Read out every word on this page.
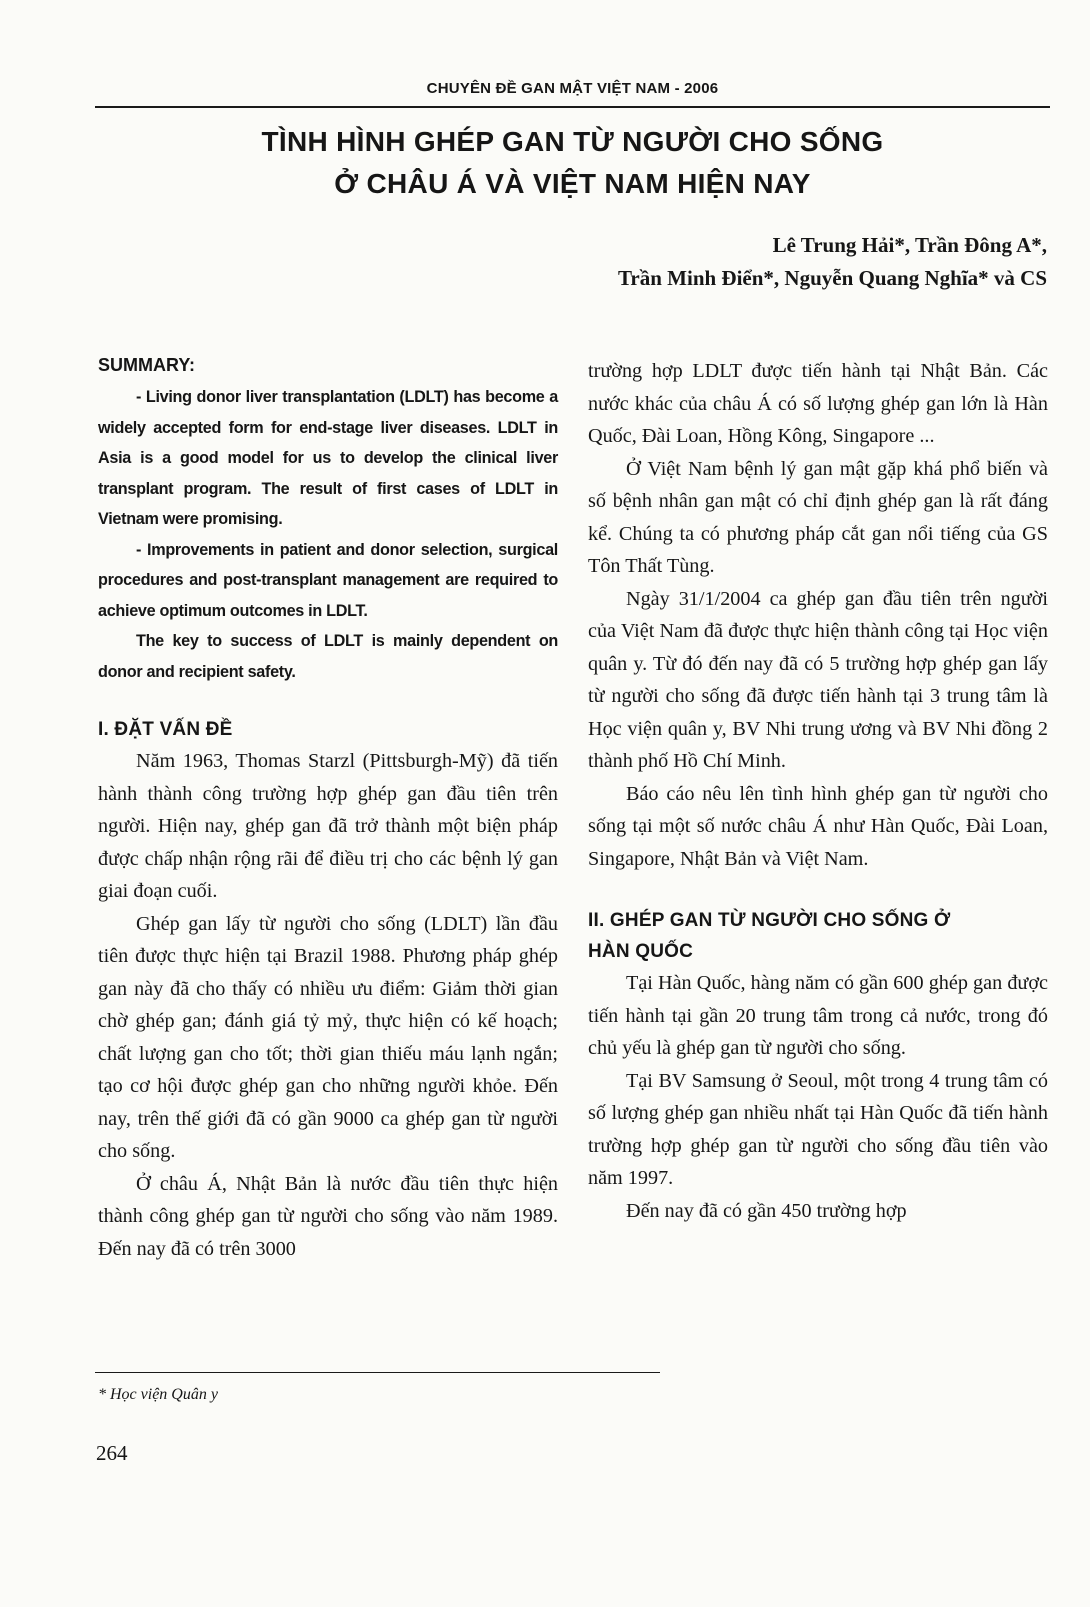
CHUYÊN ĐỀ GAN MẬT VIỆT NAM - 2006
TÌNH HÌNH GHÉP GAN TỪ NGƯỜI CHO SỐNG
Ở CHÂU Á VÀ VIỆT NAM HIỆN NAY
Lê Trung Hải*, Trần Đông A*,
Trần Minh Điển*, Nguyễn Quang Nghĩa* và CS

SUMMARY:

- Living donor liver transplantation (LDLT) has become a widely accepted form for end-stage liver diseases. LDLT in Asia is a good model for us to develop the clinical liver transplant program. The result of first cases of LDLT in Vietnam were promising.

- Improvements in patient and donor selection, surgical procedures and post-transplant management are required to achieve optimum outcomes in LDLT.

The key to success of LDLT is mainly dependent on donor and recipient safety.

I. ĐẶT VẤN ĐỀ

Năm 1963, Thomas Starzl (Pittsburgh-Mỹ) đã tiến hành thành công trường hợp ghép gan đầu tiên trên người. Hiện nay, ghép gan đã trở thành một biện pháp được chấp nhận rộng rãi để điều trị cho các bệnh lý gan giai đoạn cuối.

Ghép gan lấy từ người cho sống (LDLT) lần đầu tiên được thực hiện tại Brazil 1988. Phương pháp ghép gan này đã cho thấy có nhiều ưu điểm: Giảm thời gian chờ ghép gan; đánh giá tỷ mỷ, thực hiện có kế hoạch; chất lượng gan cho tốt; thời gian thiếu máu lạnh ngắn; tạo cơ hội được ghép gan cho những người khỏe. Đến nay, trên thế giới đã có gần 9000 ca ghép gan từ người cho sống.

Ở châu Á, Nhật Bản là nước đầu tiên thực hiện thành công ghép gan từ người cho sống vào năm 1989. Đến nay đã có trên 3000

trường hợp LDLT được tiến hành tại Nhật Bản. Các nước khác của châu Á có số lượng ghép gan lớn là Hàn Quốc, Đài Loan, Hồng Kông, Singapore ...

Ở Việt Nam bệnh lý gan mật gặp khá phổ biến và số bệnh nhân gan mật có chỉ định ghép gan là rất đáng kể. Chúng ta có phương pháp cắt gan nổi tiếng của GS Tôn Thất Tùng.

Ngày 31/1/2004 ca ghép gan đầu tiên trên người của Việt Nam đã được thực hiện thành công tại Học viện quân y. Từ đó đến nay đã có 5 trường hợp ghép gan lấy từ người cho sống đã được tiến hành tại 3 trung tâm là Học viện quân y, BV Nhi trung ương và BV Nhi đồng 2 thành phố Hồ Chí Minh.

Báo cáo nêu lên tình hình ghép gan từ người cho sống tại một số nước châu Á như Hàn Quốc, Đài Loan, Singapore, Nhật Bản và Việt Nam.

II. GHÉP GAN TỪ NGƯỜI CHO SỐNG Ở

HÀN QUỐC

Tại Hàn Quốc, hàng năm có gần 600 ghép gan được tiến hành tại gần 20 trung tâm trong cả nước, trong đó chủ yếu là ghép gan từ người cho sống.

Tại BV Samsung ở Seoul, một trong 4 trung tâm có số lượng ghép gan nhiều nhất tại Hàn Quốc đã tiến hành trường hợp ghép gan từ người cho sống đầu tiên vào năm 1997.

Đến nay đã có gần 450 trường hợp

* Học viện Quân y
264
